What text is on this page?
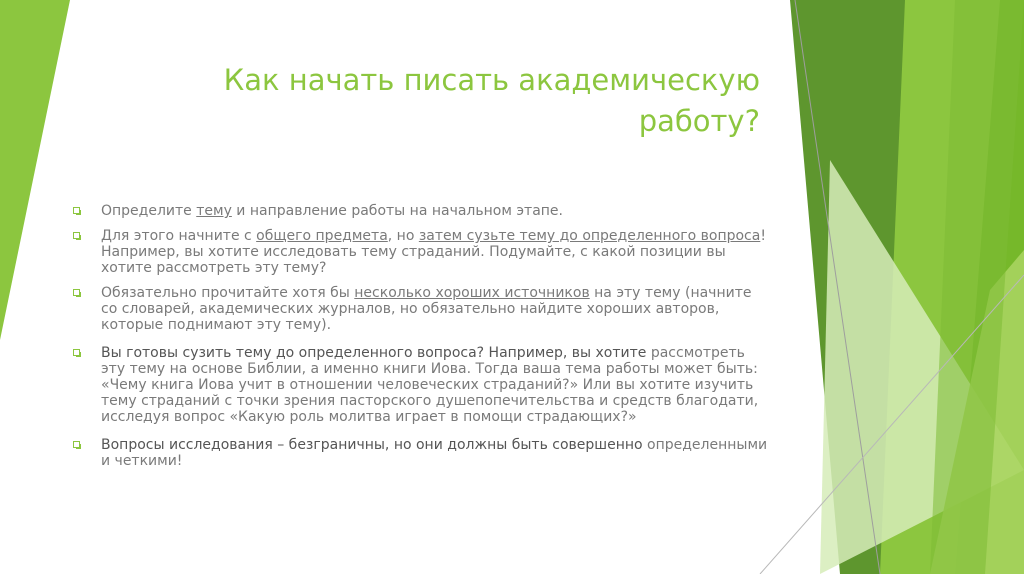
Как начать писать академическую
работу?
Определите тему и направление работы на начальном этапе.
Для этого начните с общего предмета, но затем сузьте тему до определенного вопроса! Например, вы хотите исследовать тему страданий. Подумайте, с какой позиции вы хотите рассмотреть эту тему?
Обязательно прочитайте хотя бы несколько хороших источников на эту тему (начните со словарей, академических журналов, но обязательно найдите хороших авторов, которые поднимают эту тему).
Вы готовы сузить тему до определенного вопроса? Например, вы хотите рассмотреть эту тему на основе Библии, а именно книги Иова. Тогда ваша тема работы может быть: «Чему книга Иова учит в отношении человеческих страданий?» Или вы хотите изучить тему страданий с точки зрения пасторского душепопечительства и средств благодати, исследуя вопрос «Какую роль молитва играет в помощи страдающих?»
Вопросы исследования – безграничны, но они должны быть совершенно определенными и четкими!
